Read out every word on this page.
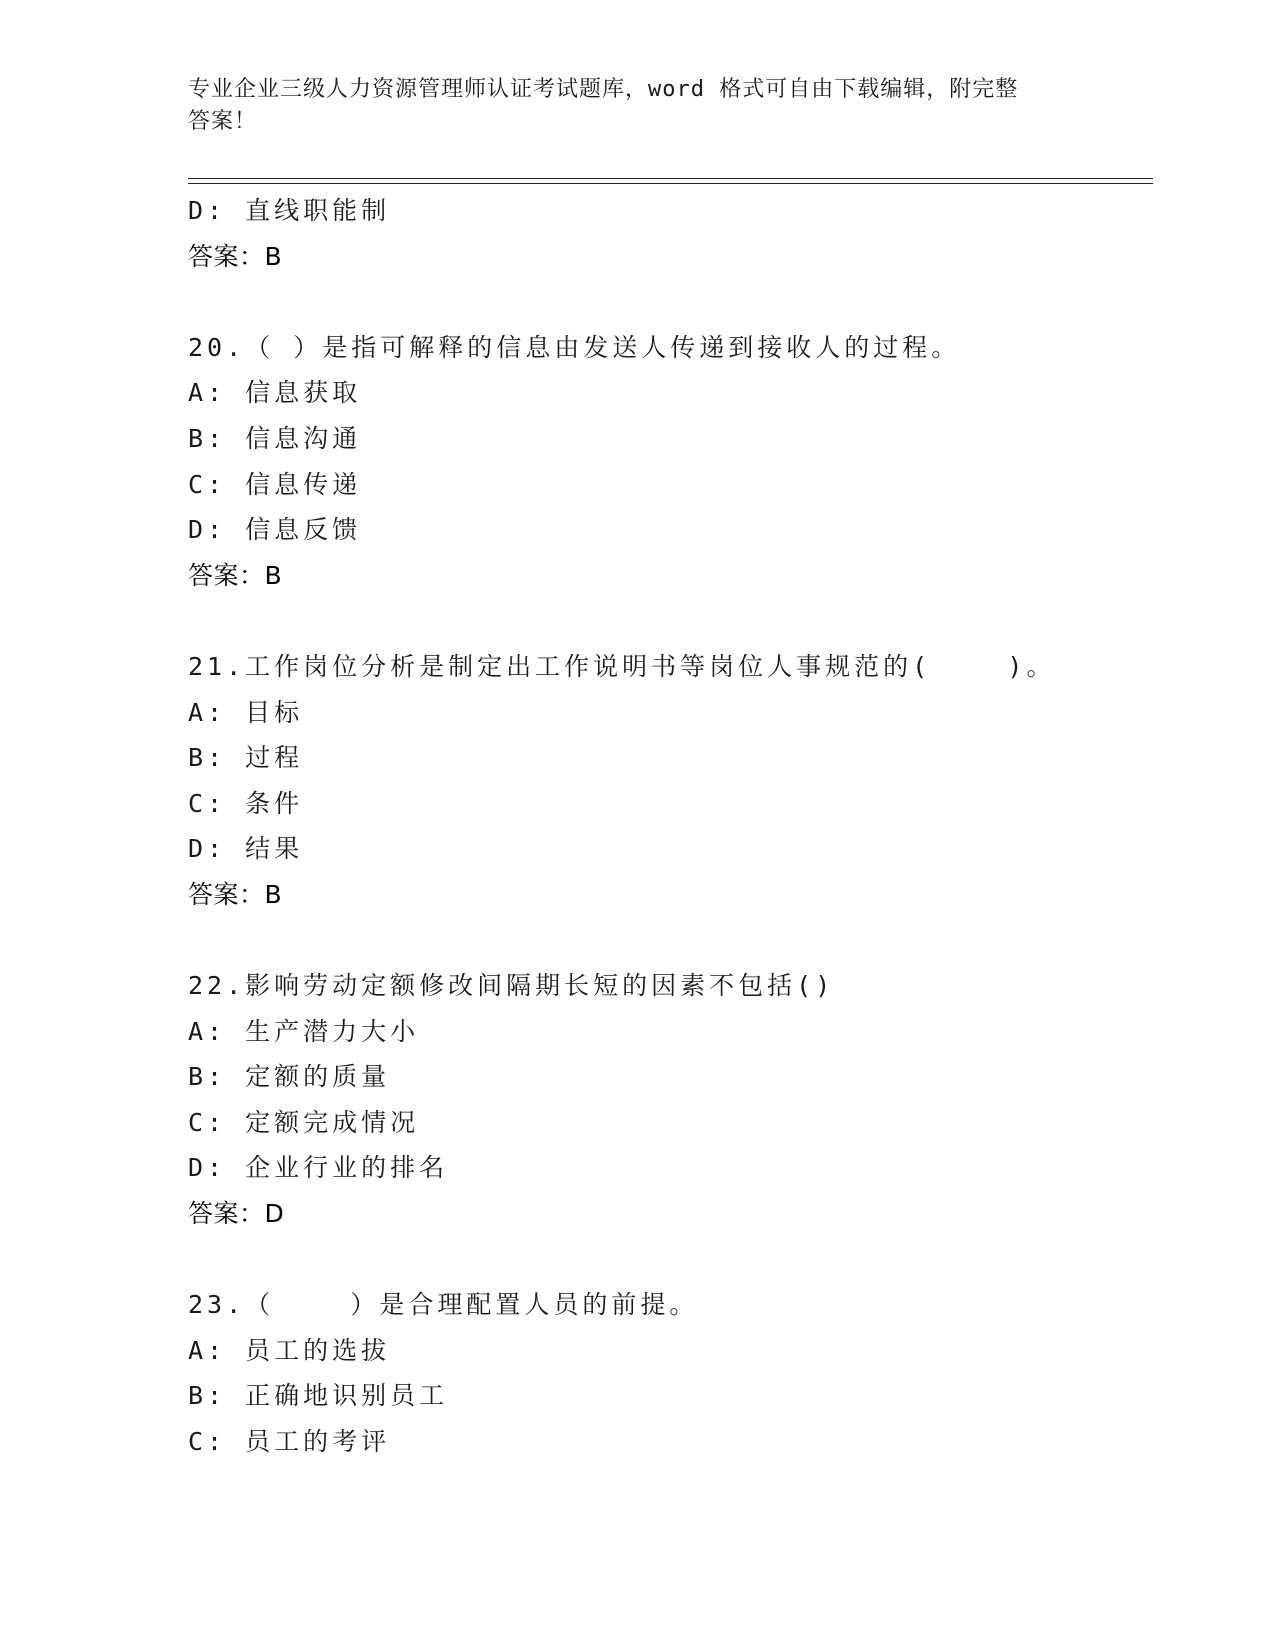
专业企业三级人力资源管理师认证考试题库，word 格式可自由下载编辑，附完整
答案！
D: 直线职能制
答案：B
20.（ ）是指可解释的信息由发送人传递到接收人的过程。
A: 信息获取
B: 信息沟通
C: 信息传递
D: 信息反馈
答案：B
21.工作岗位分析是制定出工作说明书等岗位人事规范的(    )。
A: 目标
B: 过程
C: 条件
D: 结果
答案：B
22.影响劳动定额修改间隔期长短的因素不包括()
A: 生产潜力大小
B: 定额的质量
C: 定额完成情况
D: 企业行业的排名
答案：D
23.（    ）是合理配置人员的前提。
A: 员工的选拔
B: 正确地识别员工
C: 员工的考评
